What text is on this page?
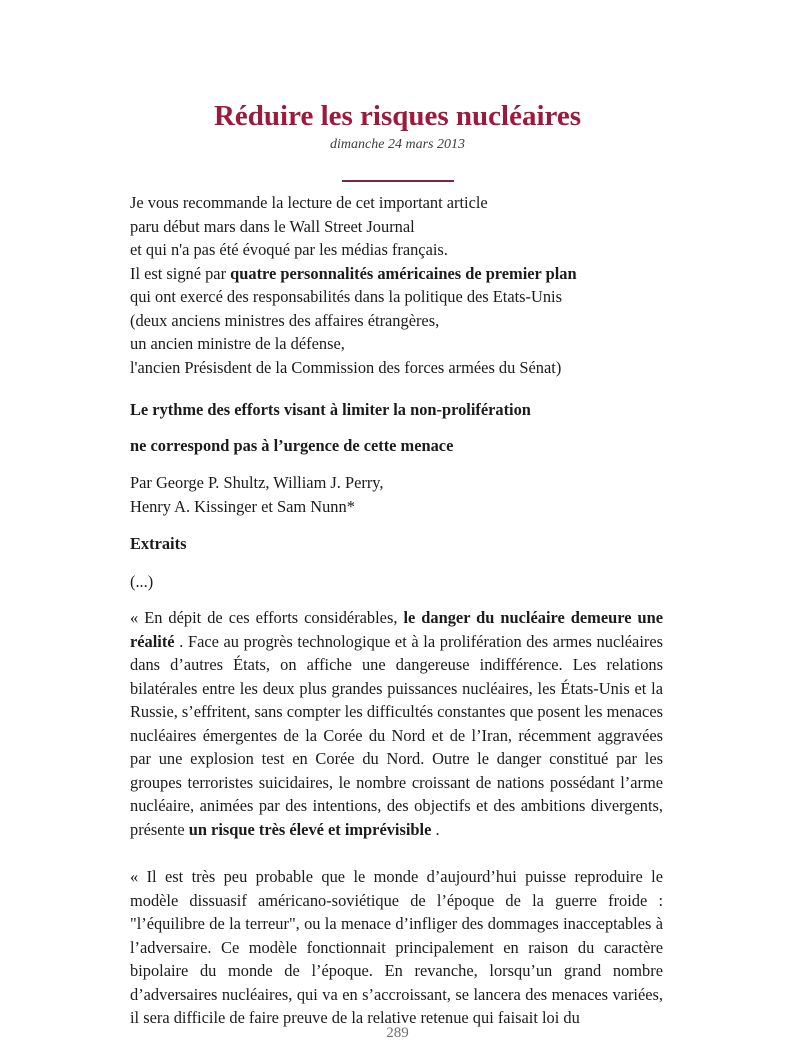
Réduire les risques nucléaires
dimanche 24 mars 2013
Je vous recommande la lecture de cet important article
paru début mars dans le Wall Street Journal
et qui n'a pas été évoqué par les médias français.
Il est signé par quatre personnalités américaines de premier plan
qui ont exercé des responsabilités dans la politique des Etats-Unis
(deux anciens ministres des affaires étrangères,
un ancien ministre de la défense,
l'ancien Présisdent de la Commission des forces armées du Sénat)

Le rythme des efforts visant à limiter la non-prolifération

ne correspond pas à l’urgence de cette menace

Par George P. Shultz, William J. Perry,
Henry A. Kissinger et Sam Nunn*

Extraits

(...)

« En dépit de ces efforts considérables, le danger du nucléaire demeure une réalité . Face au progrès technologique et à la prolifération des armes nucléaires dans d’autres États, on affiche une dangereuse indifférence. Les relations bilatérales entre les deux plus grandes puissances nucléaires, les États-Unis et la Russie, s’effritent, sans compter les difficultés constantes que posent les menaces nucléaires émergentes de la Corée du Nord et de l’Iran, récemment aggravées par une explosion test en Corée du Nord. Outre le danger constitué par les groupes terroristes suicidaires, le nombre croissant de nations possédant l’arme nucléaire, animées par des intentions, des objectifs et des ambitions divergents, présente un risque très élevé et imprévisible .

« Il est très peu probable que le monde d’aujourd’hui puisse reproduire le modèle dissuasif américano-soviétique de l’époque de la guerre froide : "l’équilibre de la terreur", ou la menace d’infliger des dommages inacceptables à l’adversaire. Ce modèle fonctionnait principalement en raison du caractère bipolaire du monde de l’époque. En revanche, lorsqu’un grand nombre d’adversaires nucléaires, qui va en s’accroissant, se lancera des menaces variées, il sera difficile de faire preuve de la relative retenue qui faisait loi du

289
